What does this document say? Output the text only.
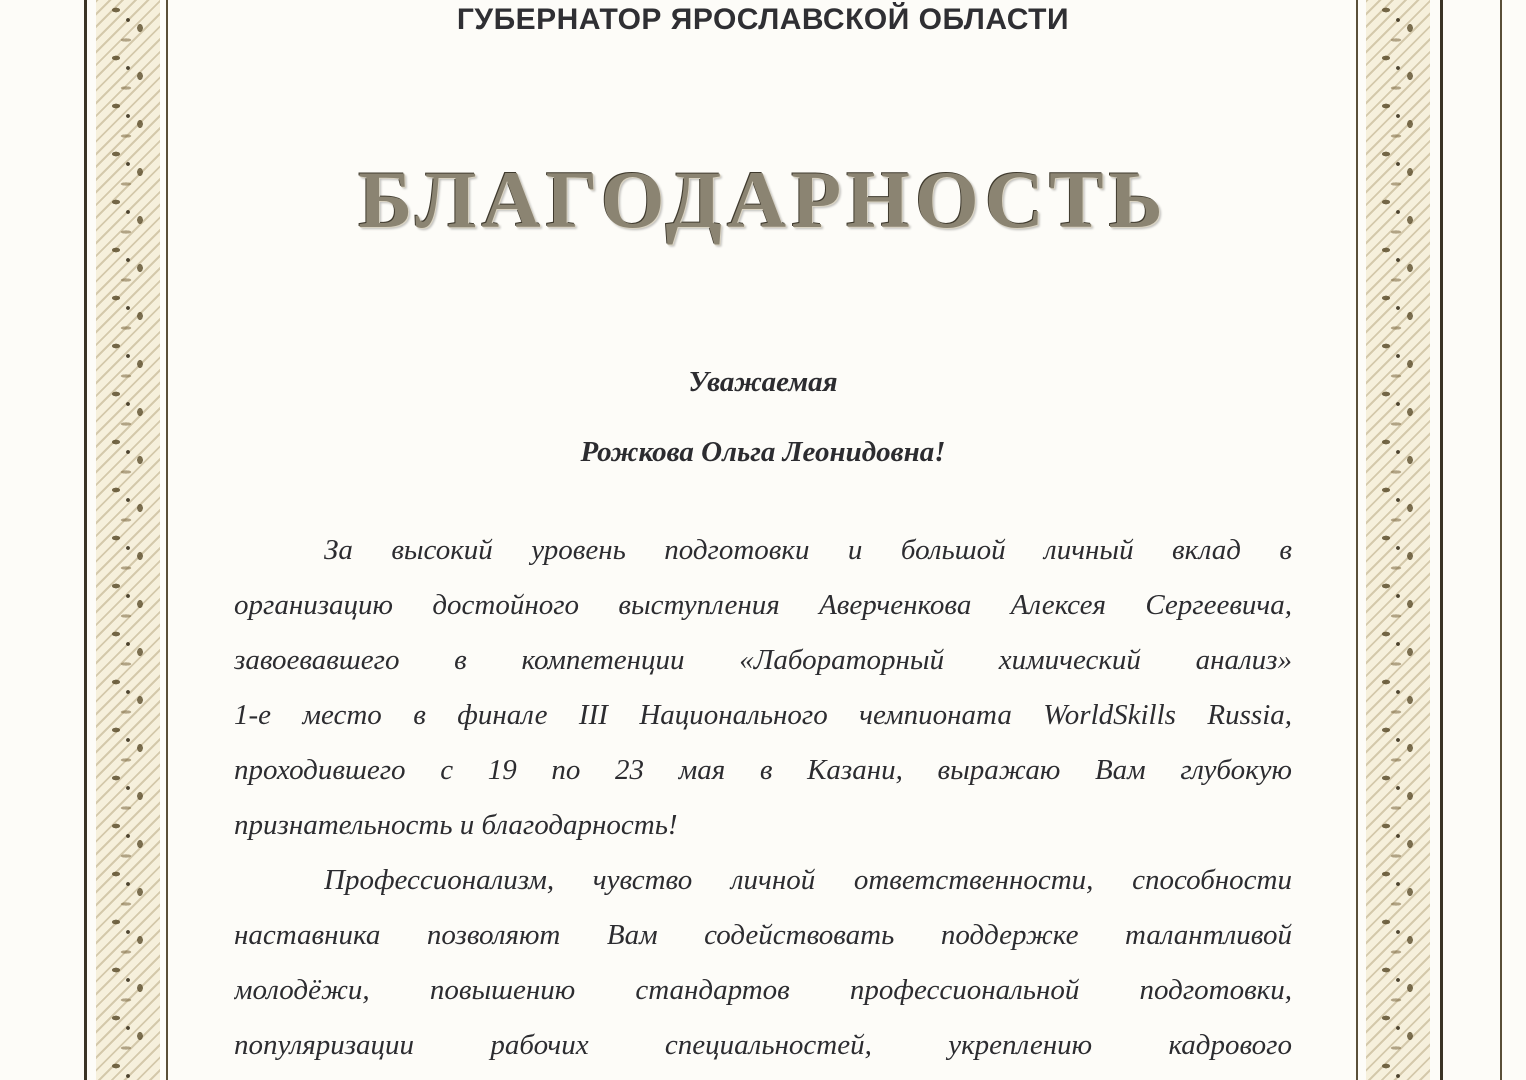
ГУБЕРНАТОР ЯРОСЛАВСКОЙ ОБЛАСТИ
БЛАГОДАРНОСТЬ
Уважаемая
Рожкова Ольга Леонидовна!
За высокий уровень подготовки и большой личный вклад в
организацию достойного выступления Аверченкова Алексея Сергеевича,
завоевавшего в компетенции «Лабораторный химический анализ»
1-е место в финале III Национального чемпионата WorldSkills Russia,
проходившего с 19 по 23 мая в Казани, выражаю Вам глубокую
признательность и благодарность!
Профессионализм, чувство личной ответственности, способности
наставника позволяют Вам содействовать поддержке талантливой
молодёжи, повышению стандартов профессиональной подготовки,
популяризации рабочих специальностей, укреплению кадрового
